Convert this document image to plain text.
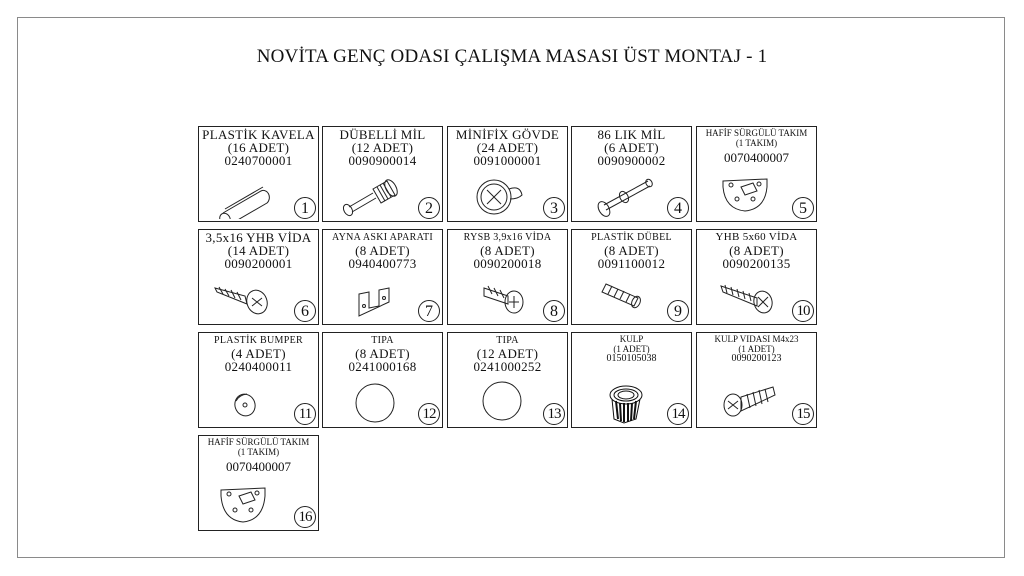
NOVİTA GENÇ ODASI ÇALIŞMA MASASI ÜST MONTAJ - 1
PLASTİK KAVELA
(16 ADET)
0240700001
1
DÜBELLİ MİL
(12 ADET)
0090900014
2
MİNİFİX GÖVDE
(24 ADET)
0091000001
3
86 LIK MİL
(6 ADET)
0090900002
4
HAFİF SÜRGÜLÜ TAKIM
(1 TAKIM)
0070400007
5
3,5x16 YHB VİDA
(14 ADET)
0090200001
6
AYNA ASKI APARATI
(8 ADET)
0940400773
7
RYSB 3,9x16 VİDA
(8 ADET)
0090200018
8
PLASTİK DÜBEL
(8 ADET)
0091100012
9
YHB 5x60 VİDA
(8 ADET)
0090200135
10
PLASTİK BUMPER
(4 ADET)
0240400011
11
TIPA
(8 ADET)
0241000168
12
TIPA
(12 ADET)
0241000252
13
KULP
(1 ADET)
0150105038
14
KULP VIDASI M4x23
(1 ADET)
0090200123
15
HAFİF SÜRGÜLÜ TAKIM
(1 TAKIM)
0070400007
16
